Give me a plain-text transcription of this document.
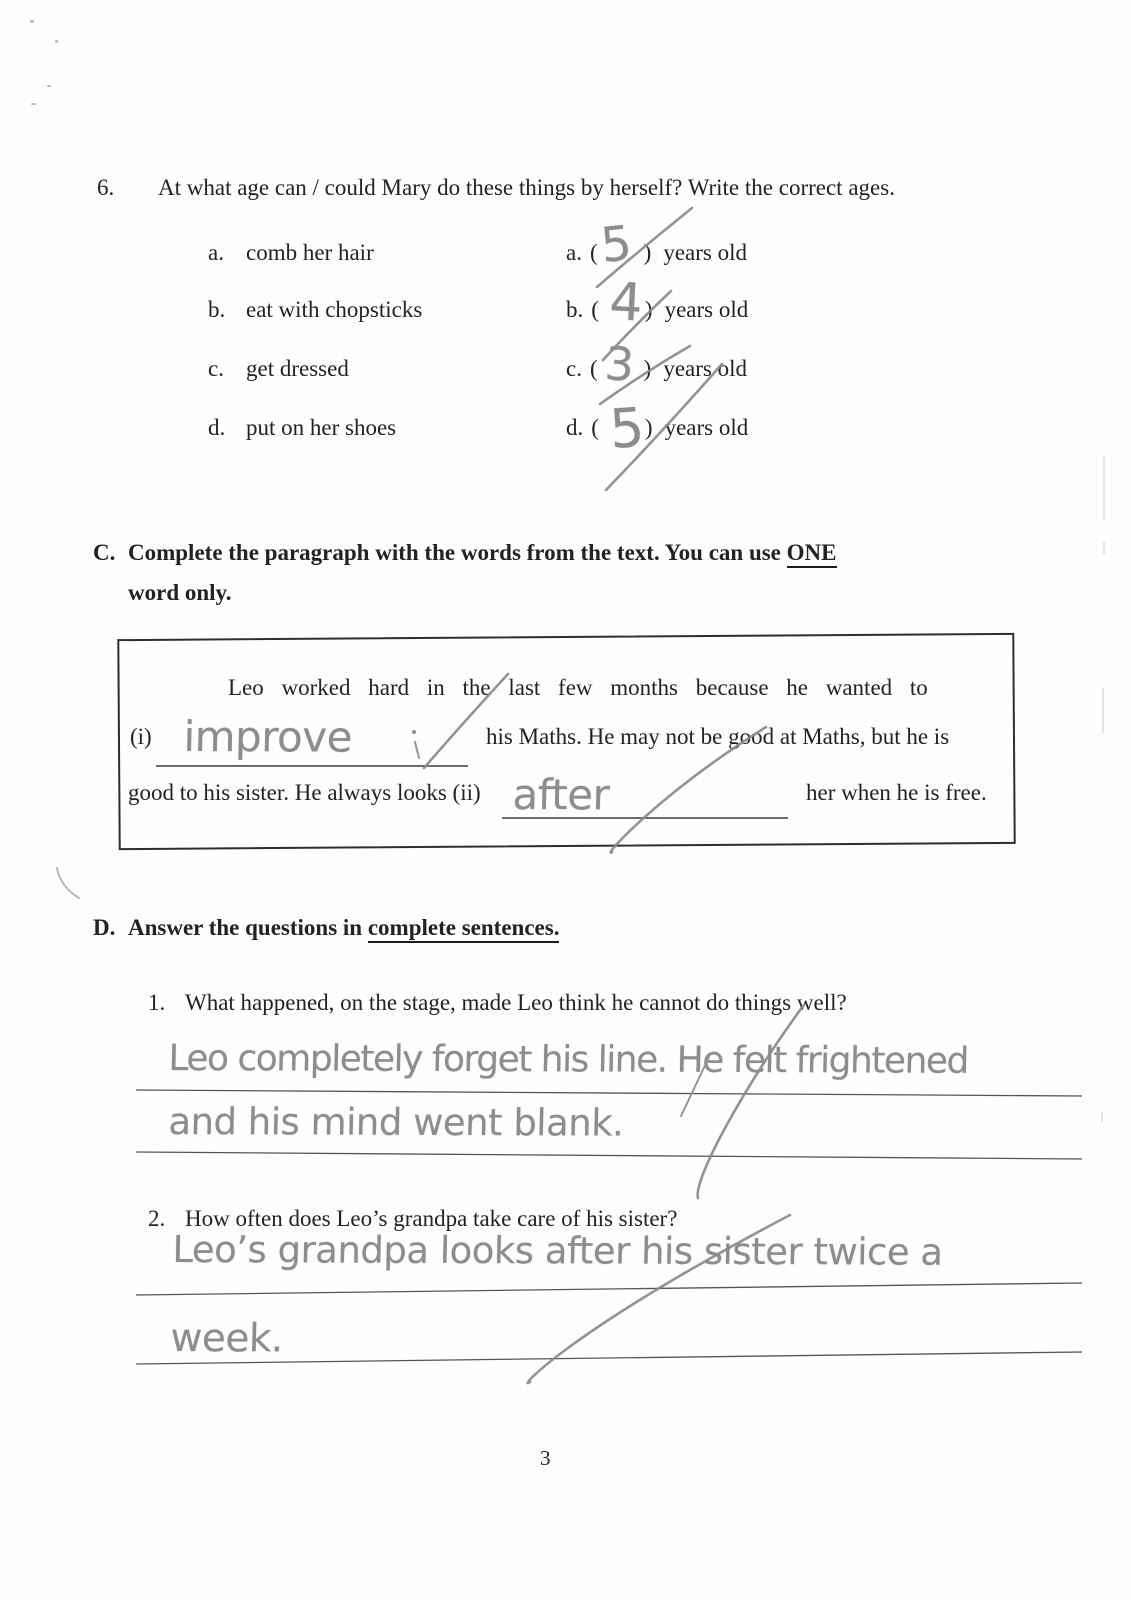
6. At what age can / could Mary do these things by herself? Write the correct ages.
a. comb her hair	a. ( ) years old
5
b. eat with chopsticks	b. ( ) years old
4
c. get dressed	c. ( ) years old
3
d. put on her shoes	d. ( ) years old
5
C. Complete the paragraph with the words from the text. You can use ONE
word only.
Leo worked hard in the last few months because he wanted to
(i)	his Maths. He may not be good at Maths, but he is
improve
good to his sister. He always looks (ii)	her when he is free.
after
D. Answer the questions in complete sentences.
1. What happened, on the stage, made Leo think he cannot do things well?
Leo completely forget his line. He felt frightened
and his mind went blank.
2. How often does Leo’s grandpa take care of his sister?
Leo’s grandpa looks after his sister twice a
week.
3
